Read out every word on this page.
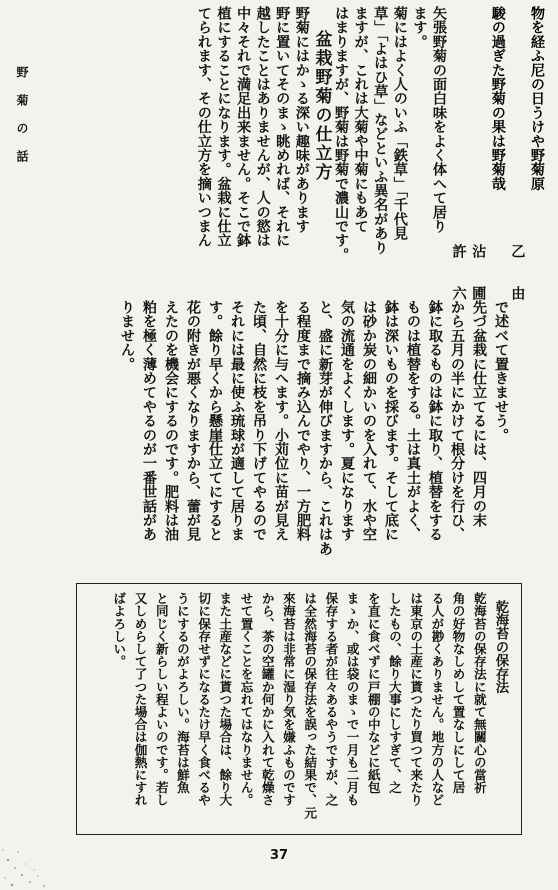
野菊の話	物を経ふ尼の日うけや野菊原

乙 由

駿の過ぎた野菊の果は野菊哉

沾 圃

許 六

矢張野菊の面白味をよく体へて居り

ます。

菊にはよく人のいふ「鉄草」「千代見

草」「よはひ草」などといふ異名があり

ますが、これは大菊や中菊にもあて

はまりますが、野菊は野菊で濃山です。

盆栽野菊の仕立方

野菊にはかゝる深い趣味があります

野に置いてそのまゝ眺めれば、それに

越したことはありませんが、人の慾は

中々それで満足出来ません。そこで鉢

植にすることになります。盆栽に仕立

てられます、その仕立方を摘いつまん

で述べて置きませう。

先づ盆栽に仕立てるには、四月の末

から五月の半にかけて根分けを行ひ、

鉢に取るものは鉢に取り、植替をする

ものは植替をする。土は真土がよく、

鉢は深いものを採びます。そして底に

は砂か炭の細かいのを入れて、水や空

気の流通をよくします。夏になります

と、盛に新芽が伸びますから、これはあ

る程度まで摘み込んでやり、一方肥料

を十分に与へます。小苅位に苗が見え

た頃、自然に枝を吊り下げてやるので

それには最に使ふ琉球が適して居りま

す。餘り早くから懸崖仕立てにすると

花の附きが悪くなりますから、蕾が見

えたのを機会にするのです。肥料は油

粕を極く薄めてやるのが一番世話があ

りません。

乾海苔の保存法

乾海苔の保存法に就て無關心の當祈

角の好物なしめして置なしにして居

る人が尠くありません。地方の人など

は東京の土産に貰つたり買つて来たり

したもの、餘り大事にしすぎて、之

を直に食べずに戸棚の中などに紙包

まゝか、或は袋のまゝで一月も二月も

保存する者が往々あるやうですが、之

は全然海苔の保存法を誤った結果で、元

來海苔は非常に湿り気を嫌ふものです

から、茶の空罐か何かに入れて乾燥さ

せて置くことを忘れてはなりません。

また土産などに貰つた場合は、餘り大

切に保存せずになるたけ早く食べるや

うにするのがよろしい。海苔は鮮魚

と同じく新らしい程よいのです。若し

又しめらして了つた場合は伽熱にすれ

ばよろしい。

37
